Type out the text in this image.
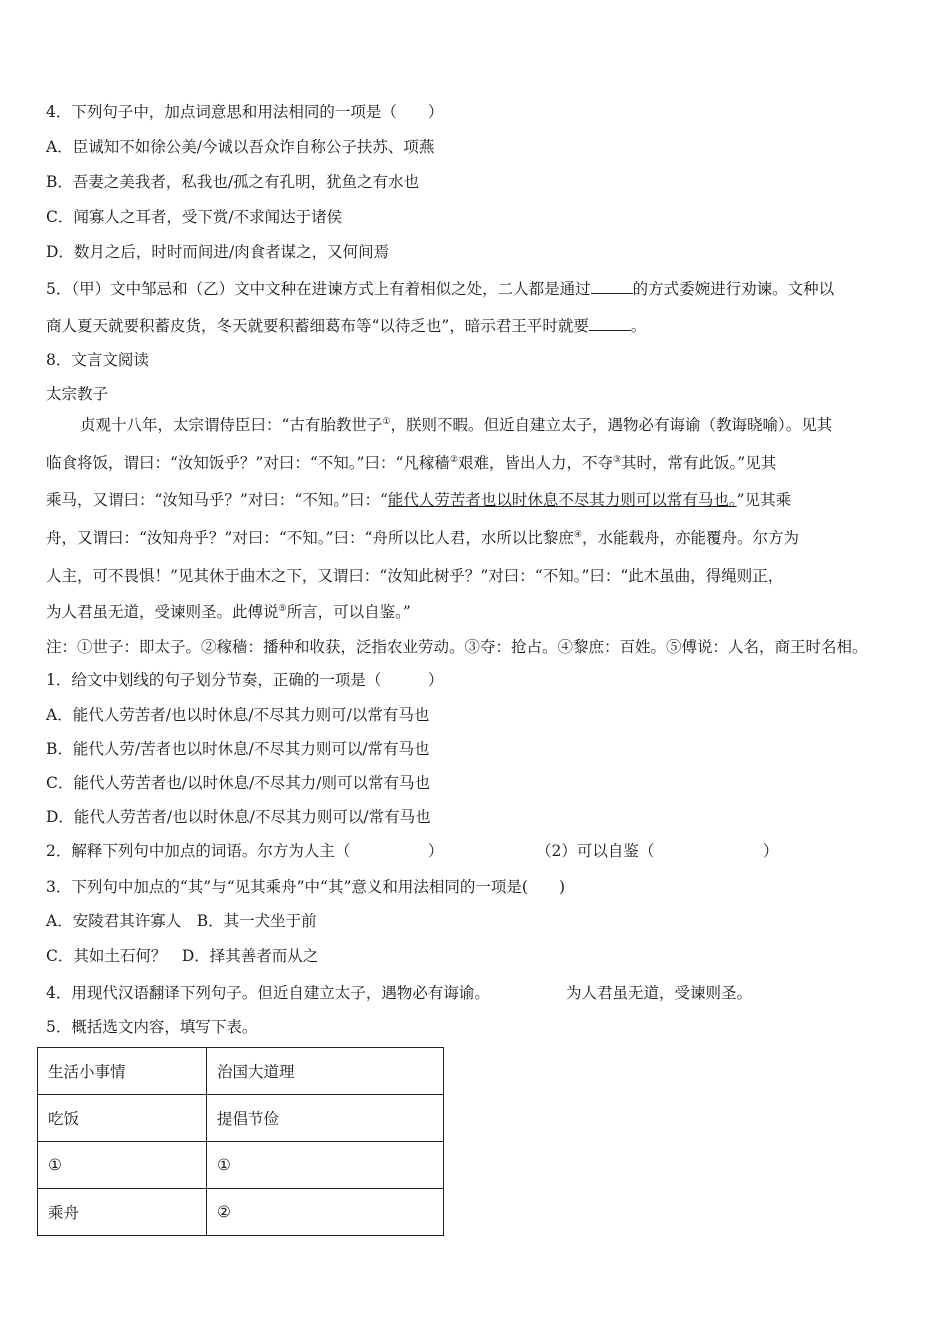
4．下列句子中，加点词意思和用法相同的一项是（　　）

A．臣诚知不如徐公美/今诚以吾众诈自称公子扶苏、项燕

B．吾妻之美我者，私我也/孤之有孔明，犹鱼之有水也

C．闻寡人之耳者，受下赏/不求闻达于诸侯

D．数月之后，时时而间进/肉食者谋之，又何间焉

5．（甲）文中邹忌和（乙）文中文种在进谏方式上有着相似之处，二人都是通过	的方式委婉进行劝谏。文种以

商人夏天就要积蓄皮货，冬天就要积蓄细葛布等“以待乏也”，暗示君王平时就要	。

8．文言文阅读

太宗教子

贞观十八年，太宗谓侍臣曰：“古有胎教世子①，朕则不暇。但近自建立太子，遇物必有诲谕（教诲晓喻）。见其

临食将饭，谓曰：“汝知饭乎？”对曰：“不知。”曰：“凡稼穑②艰难，皆出人力，不夺③其时，常有此饭。”见其

乘马，又谓曰：“汝知马乎？”对曰：“不知。”曰：“能代人劳苦者也以时休息不尽其力则可以常有马也。”见其乘

舟，又谓曰：“汝知舟乎？”对曰：“不知。”曰：“舟所以比人君，水所以比黎庶④，水能载舟，亦能覆舟。尔方为

人主，可不畏惧！”见其休于曲木之下，又谓曰：“汝知此树乎？”对曰：“不知。”曰：“此木虽曲，得绳则正，

为人君虽无道，受谏则圣。此傅说⑤所言，可以自鉴。”

注：①世子：即太子。②稼穑：播种和收获，泛指农业劳动。③夺：抢占。④黎庶：百姓。⑤傅说：人名，商王时名相。

1．给文中划线的句子划分节奏，正确的一项是（　　　）

A．能代人劳苦者/也以时休息/不尽其力则可/以常有马也

B．能代人劳/苦者也以时休息/不尽其力则可以/常有马也

C．能代人劳苦者也/以时休息/不尽其力/则可以常有马也

D．能代人劳苦者/也以时休息/不尽其力则可以/常有马也

2．解释下列句中加点的词语。尔方为人主（　　　　　）	（2）可以自鉴（　　　　　　　）

3．下列句中加点的“其”与“见其乘舟”中“其”意义和用法相同的一项是(　　)

A．安陵君其许寡人　B．其一犬坐于前

C．其如土石何？　D．择其善者而从之

4．用现代汉语翻译下列句子。但近自建立太子，遇物必有诲谕。	为人君虽无道，受谏则圣。

5．概括选文内容，填写下表。

生活小事情	治国大道理
吃饭	提倡节俭
①	①
乘舟	②
